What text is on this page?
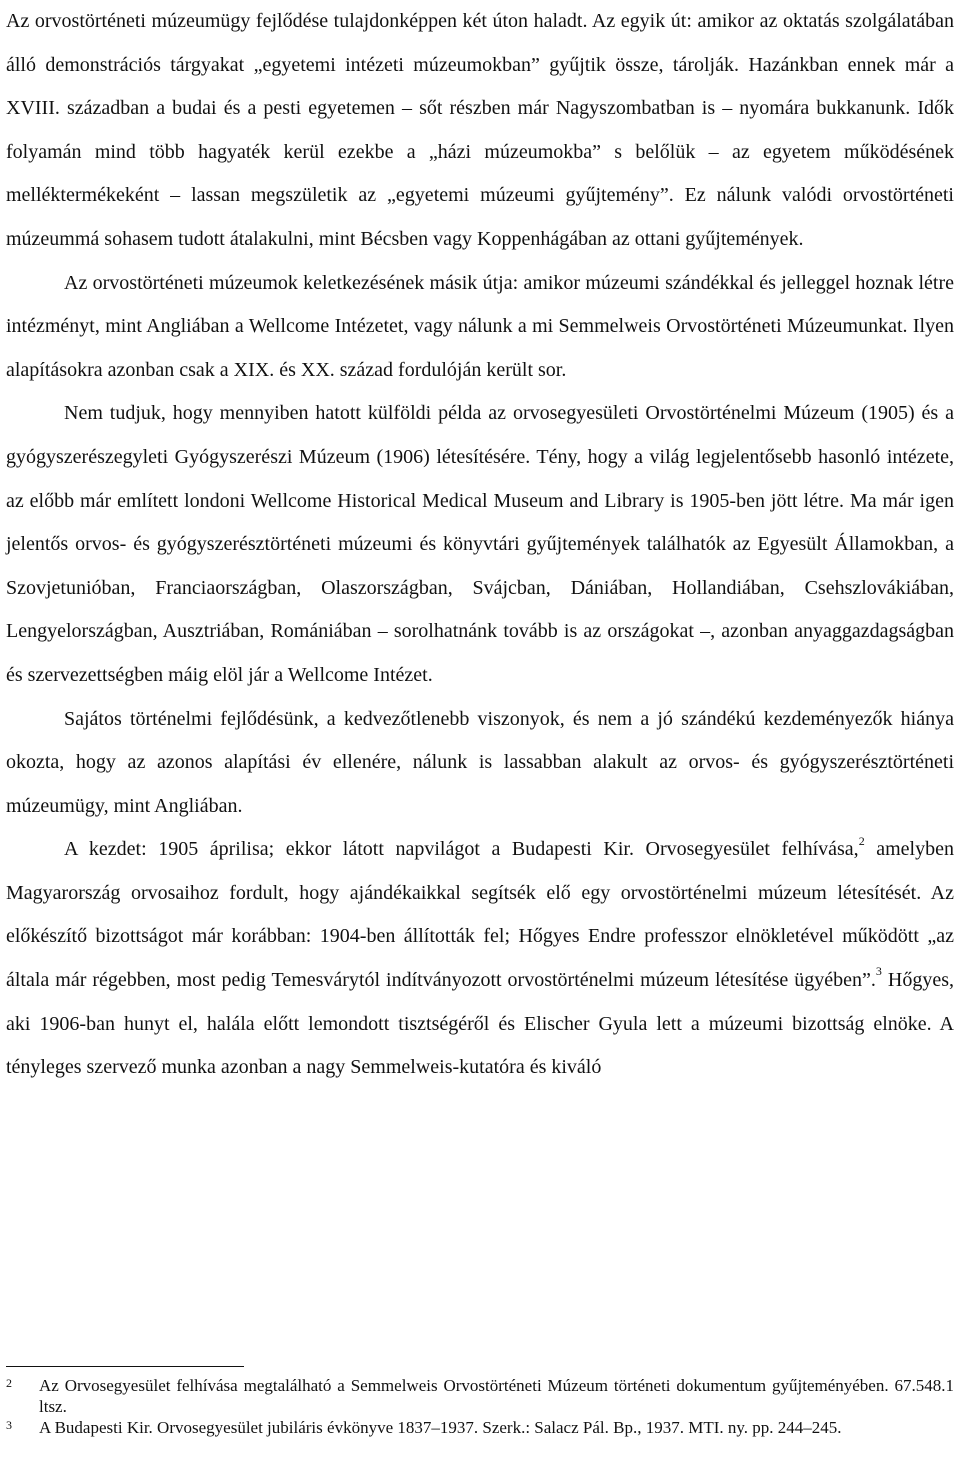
Az orvostörténeti múzeumügy fejlődése tulajdonképpen két úton haladt. Az egyik út: amikor az oktatás szolgálatában álló demonstrációs tárgyakat „egyetemi intézeti múzeumokban” gyűjtik össze, tárolják. Hazánkban ennek már a XVIII. században a budai és a pesti egyetemen – sőt részben már Nagyszombatban is – nyomára bukkanunk. Idők folyamán mind több hagyaték kerül ezekbe a „házi múzeumokba” s belőlük – az egyetem működésének melléktermékeként – lassan megszületik az „egyetemi múzeumi gyűjtemény”. Ez nálunk valódi orvostörténeti múzeummá sohasem tudott átalakulni, mint Bécsben vagy Koppenhágában az ottani gyűjtemények.

Az orvostörténeti múzeumok keletkezésének másik útja: amikor múzeumi szándékkal és jelleggel hoznak létre intézményt, mint Angliában a Wellcome Intézetet, vagy nálunk a mi Semmelweis Orvostörténeti Múzeumunkat. Ilyen alapításokra azonban csak a XIX. és XX. század fordulóján került sor.

Nem tudjuk, hogy mennyiben hatott külföldi példa az orvosegyesületi Orvostörténelmi Múzeum (1905) és a gyógyszerészegyleti Gyógyszerészi Múzeum (1906) létesítésére. Tény, hogy a világ legjelentősebb hasonló intézete, az előbb már említett londoni Wellcome Historical Medical Museum and Library is 1905-ben jött létre. Ma már igen jelentős orvos- és gyógyszerésztörténeti múzeumi és könyvtári gyűjtemények találhatók az Egyesült Államokban, a Szovjetunióban, Franciaországban, Olaszországban, Svájcban, Dániában, Hollandiában, Csehszlovákiában, Lengyelországban, Ausztriában, Romániában – sorolhatnánk tovább is az országokat –, azonban anyaggazdagságban és szervezettségben máig elöl jár a Wellcome Intézet.

Sajátos történelmi fejlődésünk, a kedvezőtlenebb viszonyok, és nem a jó szándékú kezdeményezők hiánya okozta, hogy az azonos alapítási év ellenére, nálunk is lassabban alakult az orvos- és gyógyszerésztörténeti múzeumügy, mint Angliában.

A kezdet: 1905 áprilisa; ekkor látott napvilágot a Budapesti Kir. Orvosegyesület felhívása,$^2$ amelyben Magyarország orvosaihoz fordult, hogy ajándékaikkal segítsék elő egy orvostörténelmi múzeum létesítését. Az előkészítő bizottságot már korábban: 1904-ben állították fel; Hőgyes Endre professzor elnökletével működött „az általa már régebben, most pedig Temesvárytól indítványozott orvostörténelmi múzeum létesítése ügyében”.$^3$ Hőgyes, aki 1906-ban hunyt el, halála előtt lemondott tisztségéről és Elischer Gyula lett a múzeumi bizottság elnöke. A tényleges szervező munka azonban a nagy Semmelweis-kutatóra és kiváló

2 Az Orvosegyesület felhívása megtalálható a Semmelweis Orvostörténeti Múzeum történeti dokumentum gyűjteményében. 67.548.1 ltsz.
3 A Budapesti Kir. Orvosegyesület jubiláris évkönyve 1837–1937. Szerk.: Salacz Pál. Bp., 1937. MTI. ny. pp. 244–245.
